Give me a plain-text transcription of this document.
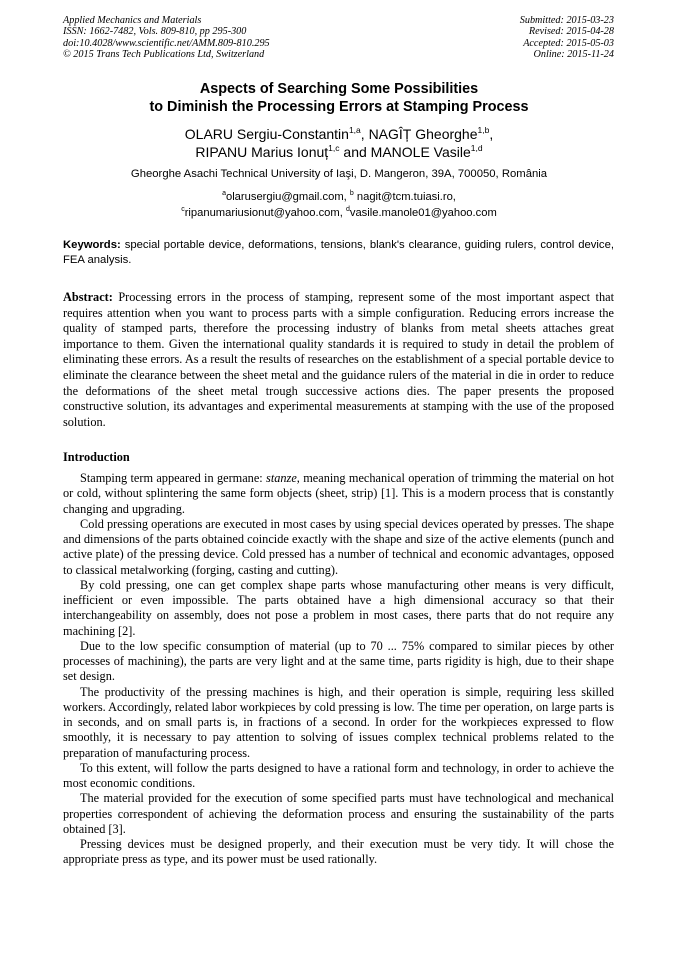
Applied Mechanics and Materials
ISSN: 1662-7482, Vols. 809-810, pp 295-300
doi:10.4028/www.scientific.net/AMM.809-810.295
© 2015 Trans Tech Publications Ltd, Switzerland
Submitted: 2015-03-23
Revised: 2015-04-28
Accepted: 2015-05-03
Online: 2015-11-24
Aspects of Searching Some Possibilities
to Diminish the Processing Errors at Stamping Process
OLARU Sergiu-Constantin$^{1,a}$, NAGÎȚ Gheorghe$^{1,b}$,
RIPANU Marius Ionuț$^{1,c}$ and MANOLE Vasile$^{1,d}$
Gheorghe Asachi Technical University of Iaşi, D. Mangeron, 39A, 700050, România
$^a$olarusergiu@gmail.com, $^b$ nagit@tcm.tuiasi.ro,
$^c$ripanumariusionut@yahoo.com, $^d$vasile.manole01@yahoo.com
Keywords: special portable device, deformations, tensions, blank's clearance, guiding rulers, control device, FEA analysis.
Abstract: Processing errors in the process of stamping, represent some of the most important aspect that requires attention when you want to process parts with a simple configuration. Reducing errors increase the quality of stamped parts, therefore the processing industry of blanks from metal sheets attaches great importance to them. Given the international quality standards it is required to study in detail the problem of eliminating these errors. As a result the results of researches on the establishment of a special portable device to eliminate the clearance between the sheet metal and the guidance rulers of the material in die in order to reduce the deformations of the sheet metal trough successive actions dies. The paper presents the proposed constructive solution, its advantages and experimental measurements at stamping with the use of the proposed solution.
Introduction

Stamping term appeared in germane: stanze, meaning mechanical operation of trimming the material on hot or cold, without splintering the same form objects (sheet, strip) [1]. This is a modern process that is constantly changing and upgrading.

Cold pressing operations are executed in most cases by using special devices operated by presses. The shape and dimensions of the parts obtained coincide exactly with the shape and size of the active elements (punch and active plate) of the pressing device. Cold pressed has a number of technical and economic advantages, opposed to classical metalworking (forging, casting and cutting).

By cold pressing, one can get complex shape parts whose manufacturing other means is very difficult, inefficient or even impossible. The parts obtained have a high dimensional accuracy so that their interchangeability on assembly, does not pose a problem in most cases, there parts that do not require any machining [2].

Due to the low specific consumption of material (up to 70 ... 75% compared to similar pieces by other processes of machining), the parts are very light and at the same time, parts rigidity is high, due to their shape set design.

The productivity of the pressing machines is high, and their operation is simple, requiring less skilled workers. Accordingly, related labor workpieces by cold pressing is low. The time per operation, on large parts is in seconds, and on small parts is, in fractions of a second. In order for the workpieces expressed to flow smoothly, it is necessary to pay attention to solving of issues complex technical problems related to the preparation of manufacturing process.

To this extent, will follow the parts designed to have a rational form and technology, in order to achieve the most economic conditions.

The material provided for the execution of some specified parts must have technological and mechanical properties correspondent of achieving the deformation process and ensuring the sustainability of the parts obtained [3].

Pressing devices must be designed properly, and their execution must be very tidy. It will chose the appropriate press as type, and its power must be used rationally.
